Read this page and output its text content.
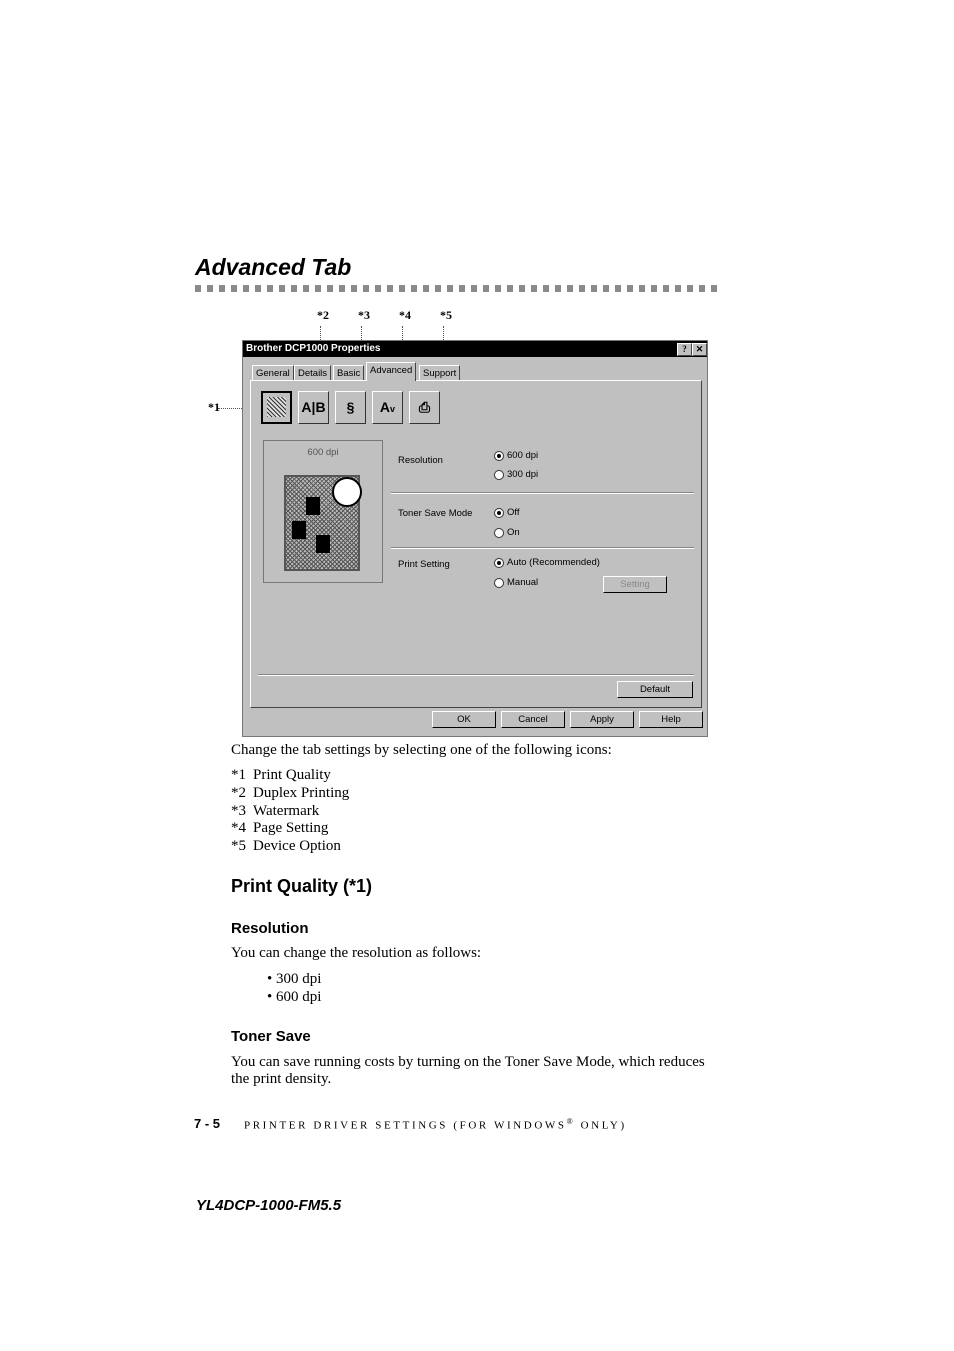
Advanced Tab
*2 *3 *4 *5
*1
Brother DCP1000 Properties	? ✕
General Details	Basic	Advanced	Support
A|B	§	Av	⎙
600 dpi
Resolution	600 dpi
300 dpi
Toner Save Mode	Off
On
Print Setting	Auto (Recommended)
Manual	Setting
Default
OK	Cancel	Apply	Help
Change the tab settings by selecting one of the following icons:
*1 Print Quality
*2 Duplex Printing
*3 Watermark
*4 Page Setting
*5 Device Option
Print Quality (*1)
Resolution
You can change the resolution as follows:
• 300 dpi
• 600 dpi
Toner Save
You can save running costs by turning on the Toner Save Mode, which reduces
the print density.
7 - 5 PRINTER DRIVER SETTINGS (FOR WINDOWS® ONLY)
YL4DCP-1000-FM5.5
